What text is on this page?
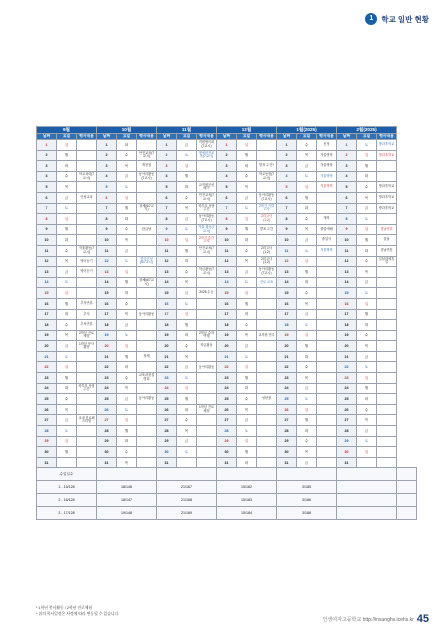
1	학교 일반 현황
9월			10월			11월			12월			1월(2025)			2월(2025)			
날짜	요일	행사내용	날짜	요일	행사내용	날짜	요일	행사내용	날짜	요일	행사내용	날짜	요일	행사내용	날짜	요일	행사내용	
1	일		1	화		1	금	직원협의회(7교시)	1	일		1	수	신정	1	토	방과후학교	
2	월		2	수	안전교육(7교시)	2	토	생애비전교육(7교시)	2	월		2	목	겨울방학	2	일	방과후학교	
3	화		3	목	개천절	3	일		3	화	발표 주간?	3	금	겨울방학	3	월		
4	수	학교폭력(7교시)	4	금	동아리활동(7교시)	4	월		4	수	학교동원(7교시)	4	토	겨울방학	4	화		
5	목		5	토		5	화	교직원친선배구	5	목		5	일	겨울방학	5	수	방과후학교	
6	금	인성교육	6	일		6	수	안전교육(7교시)	6	금	동아리활동(7교시)	6	월		6	목	방과후학교	
7	토		7	월	창체(6/7교시)	7	목	학부모 상담주간	7	토	2학기 기말고사	7	화		7	금	방과후학교	
8	일		8	화		8	금	동아리활동(7교시)	8	일	2회고사(1,2)	8	수	개학	8	토		
9	월		9	수	한글날	9	토	자율 활동(7교시)	9	월	발표 주간	9	목	졸업예배	9	일	설날연휴	
10	화		10	목		10	일	2학기 중간고사	10	화		10	금	졸업식	10	월	설날	
11	수	자율활동(7교시)	11	금		11	월	안전교육(7교시)	11	수	2회고사(1,2)	11	토	겨울방학	11	화	설날연휴	
12	목	영어듣기	12	토	한국인성(6/7교시)	12	화		12	목	2회고사(1,2)	12	일		12	수	설날대체휴일	
13	금	영어듣기	13	일		13	수	학급활동(7교시)	13	금	동아리활동(7교시)	13	월		13	목		
14	토		14	월	창체(6/7교시)	14	목		14	토	진로 교육	14	화		14	금		
15	일		15	화		15	금	2025 수능	15	일		15	수		15	토		
16	월	추석연휴	16	수		16	토		16	월		16	목		16	일		
17	화	추석	17	목	동아리활동	17	일		17	화		17	금		17	월		
18	수	추석연휴	18	금		18	월		18	수		18	토		18	화		
19	목	2학년 진로체험	19	토		19	화	2학년 수학여행	19	목	교직원 연수	19	일		19	수		
20	금	1학년 봉사활동	20	일		20	수	학급활동	20	금		20	월		20	목		
21	토		21	월	창체	21	목		21	토		21	화		21	금		
22	일		22	화		22	금	동아리활동	22	일		22	수		22	토		
23	월		23	수	교육과정설명회	23	토		23	월		23	목		23	일		
24	화	학부모 상담주간	24	목		24	일		24	화		24	금		24	월		
25	수		25	금	동아리활동	25	월		25	수	성탄절	25	토		25	화		
26	목		26	토		26	화	1학년 진로체험	26	목		26	일		26	수		
27	금	교내 진로페스티벌	27	일		27	수		27	금		27	월		27	목		
28	토		28	월		28	목		28	토		28	화		28	금		
29	일		29	화		29	금		29	일		29	수		29	토		
30	월		30	수		30	토		30	월		30	목		30	일		
31			31	목		31			31	화		31	금		31			
수업일수																		
1 - 15/128			18/146			21/167			15/182			3/185						
2 - 16/128			18/147			21/168			15/183			3/186						
3 - 17/128			19/148			21/169			15/184			3/188						
* 1학년 봉사활동 / 2학년 진로체험
* 위의 학사일정은 사정에 따라 변동될 수 있습니다.
인생여자고등학교 http://insunghs.icehs.kr 45
